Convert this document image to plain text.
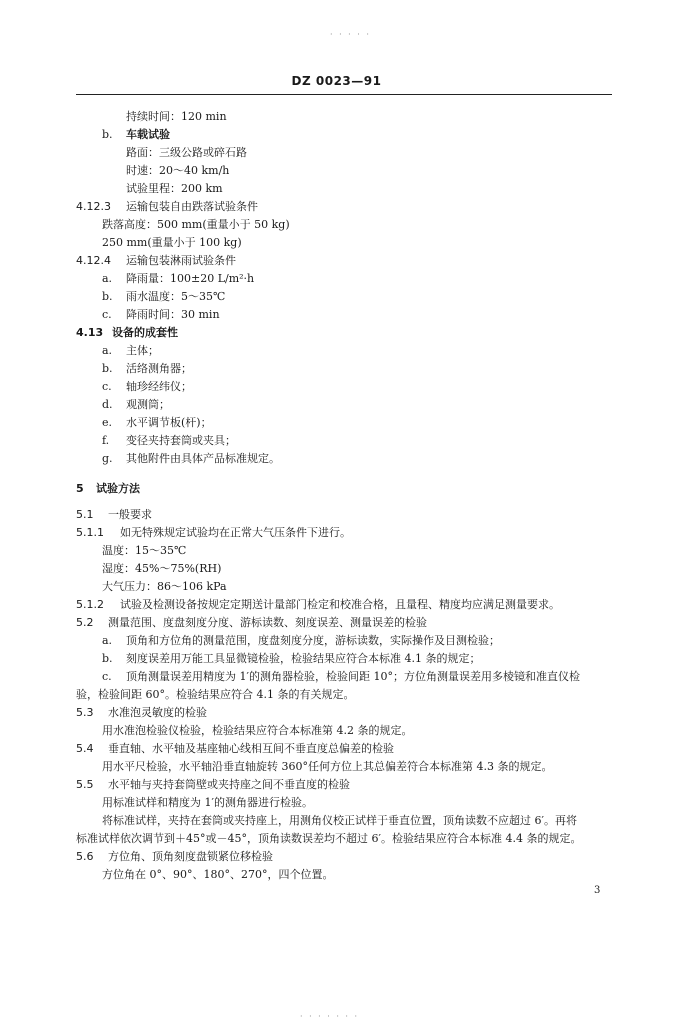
· · · · ·
DZ 0023—91
持续时间：120 min
b. 车载试验
路面：三级公路或碎石路
时速：20～40 km/h
试验里程：200 km
4.12.3 运输包装自由跌落试验条件
跌落高度：500 mm(重量小于 50 kg)
250 mm(重量小于 100 kg)
4.12.4 运输包装淋雨试验条件
a. 降雨量：100±20 L/m²·h
b. 雨水温度：5～35℃
c. 降雨时间：30 min
4.13 设备的成套性
a. 主体；
b. 活络测角器；
c. 轴珍经纬仪；
d. 观测筒；
e. 水平调节板(杆)；
f. 变径夹持套筒或夹具；
g. 其他附件由具体产品标准规定。
5 试验方法
5.1 一般要求
5.1.1 如无特殊规定试验均在正常大气压条件下进行。
温度：15～35℃
湿度：45%～75%(RH)
大气压力：86～106 kPa
5.1.2 试验及检测设备按规定定期送计量部门检定和校准合格，且量程、精度均应满足测量要求。
5.2 测量范围、度盘刻度分度、游标读数、刻度误差、测量误差的检验
a. 顶角和方位角的测量范围，度盘刻度分度，游标读数，实际操作及目测检验；
b. 刻度误差用万能工具显微镜检验，检验结果应符合本标准 4.1 条的规定；
c. 顶角测量误差用精度为 1′的测角器检验，检验间距 10°；方位角测量误差用多棱镜和准直仪检
验，检验间距 60°。检验结果应符合 4.1 条的有关规定。
5.3 水准泡灵敏度的检验
用水准泡检验仪检验，检验结果应符合本标准第 4.2 条的规定。
5.4 垂直轴、水平轴及基座轴心线相互间不垂直度总偏差的检验
用水平尺检验，水平轴沿垂直轴旋转 360°任何方位上其总偏差符合本标准第 4.3 条的规定。
5.5 水平轴与夹持套筒壁或夹持座之间不垂直度的检验
用标准试样和精度为 1′的测角器进行检验。
将标准试样，夹持在套筒或夹持座上，用测角仪校正试样于垂直位置，顶角读数不应超过 6′。再将
标准试样依次调节到＋45°或－45°，顶角读数误差均不超过 6′。检验结果应符合本标准 4.4 条的规定。
5.6 方位角、顶角刻度盘锁紧位移检验
方位角在 0°、90°、180°、270°，四个位置。
3
· · · · · · ·
